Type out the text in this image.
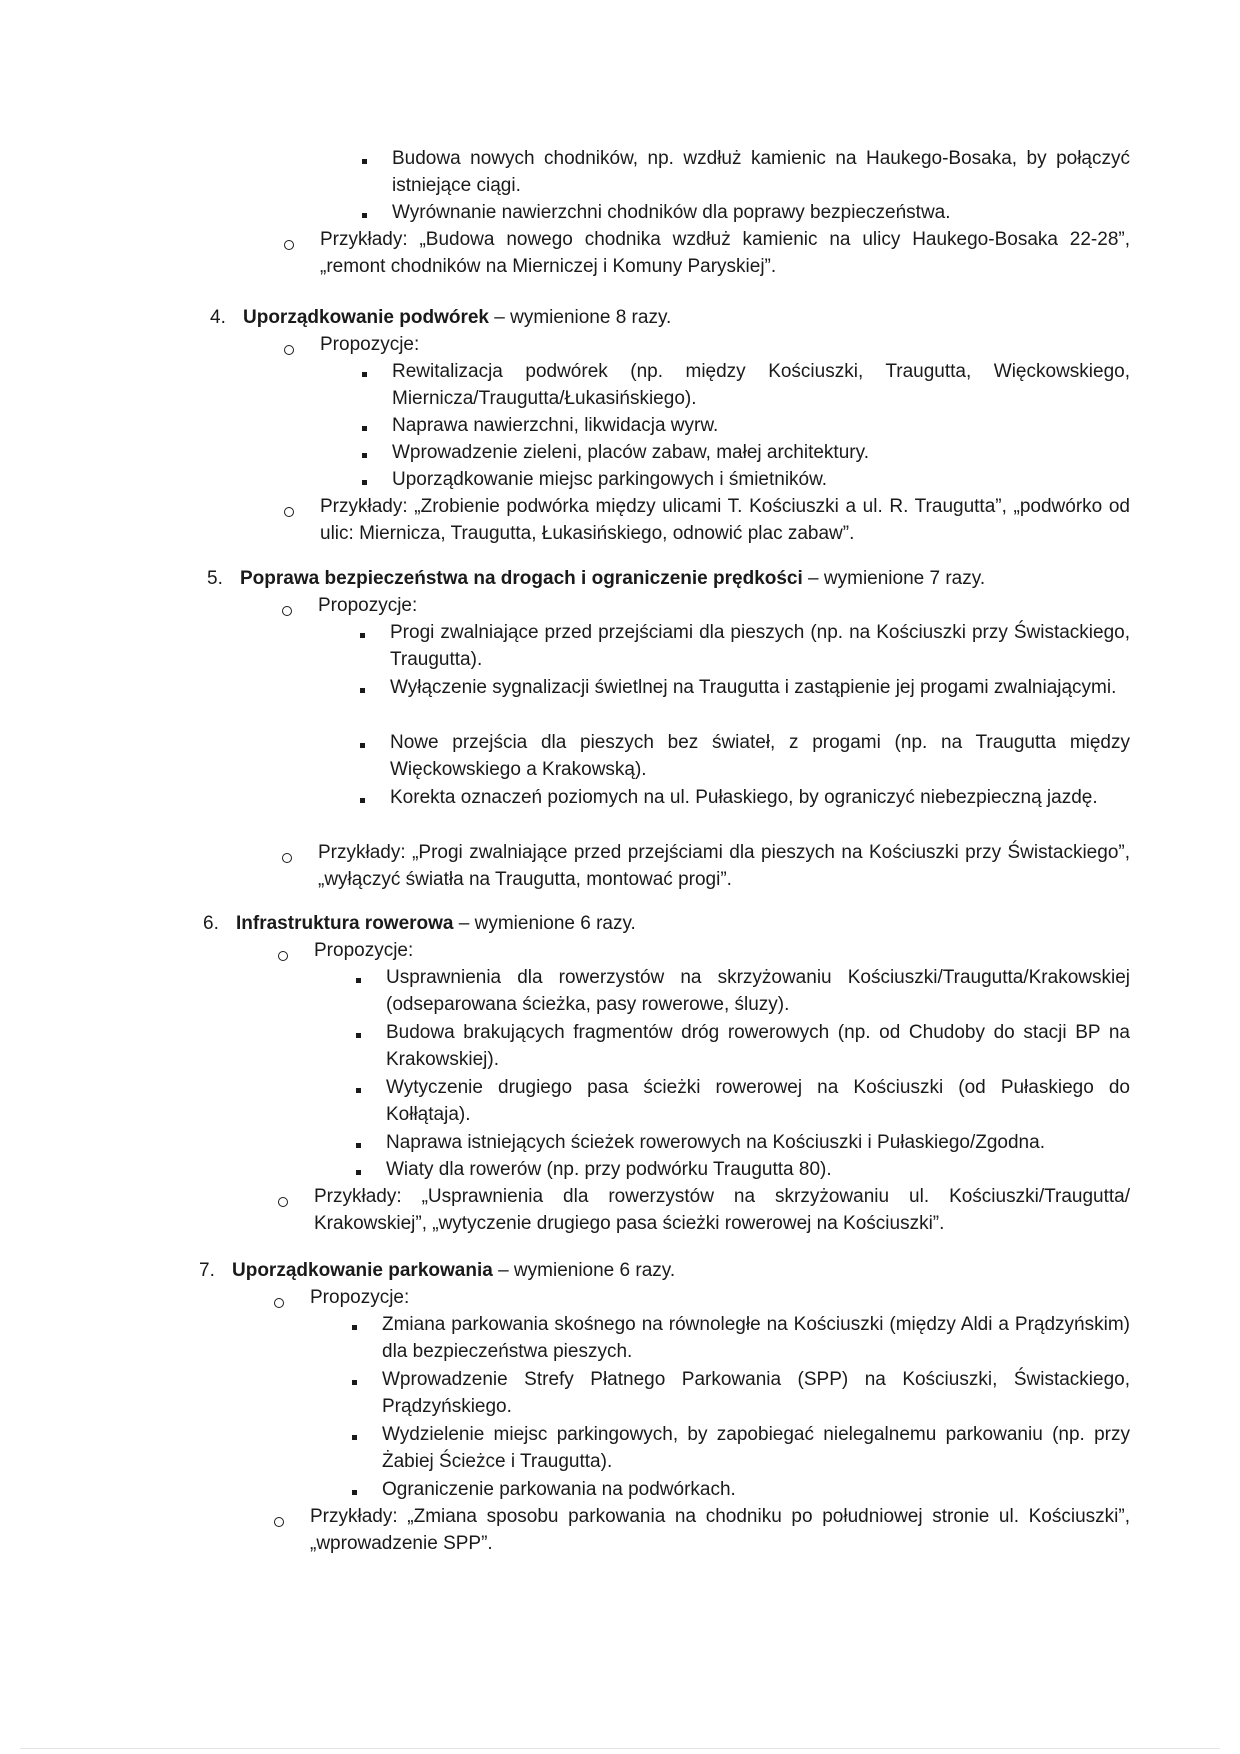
Budowa nowych chodników, np. wzdłuż kamienic na Haukego-Bosaka, by połączyć istniejące ciągi.
Wyrównanie nawierzchni chodników dla poprawy bezpieczeństwa.
Przykłady: „Budowa nowego chodnika wzdłuż kamienic na ulicy Haukego-Bosaka 22-28”, „remont chodników na Mierniczej i Komuny Paryskiej”.
4. Uporządkowanie podwórek – wymienione 8 razy.
Propozycje:
Rewitalizacja podwórek (np. między Kościuszki, Traugutta, Więckowskiego, Miernicza/Traugutta/Łukasińskiego).
Naprawa nawierzchni, likwidacja wyrw.
Wprowadzenie zieleni, placów zabaw, małej architektury.
Uporządkowanie miejsc parkingowych i śmietników.
Przykłady: „Zrobienie podwórka między ulicami T. Kościuszki a ul. R. Traugutta”, „podwórko od ulic: Miernicza, Traugutta, Łukasińskiego, odnowić plac zabaw”.
5. Poprawa bezpieczeństwa na drogach i ograniczenie prędkości – wymienione 7 razy.
Propozycje:
Progi zwalniające przed przejściami dla pieszych (np. na Kościuszki przy Świstackiego, Traugutta).
Wyłączenie sygnalizacji świetlnej na Traugutta i zastąpienie jej progami zwalniającymi.
Nowe przejścia dla pieszych bez świateł, z progami (np. na Traugutta między Więckowskiego a Krakowską).
Korekta oznaczeń poziomych na ul. Pułaskiego, by ograniczyć niebezpieczną jazdę.
Przykłady: „Progi zwalniające przed przejściami dla pieszych na Kościuszki przy Świstackiego”, „wyłączyć światła na Traugutta, montować progi”.
6. Infrastruktura rowerowa – wymienione 6 razy.
Propozycje:
Usprawnienia dla rowerzystów na skrzyżowaniu Kościuszki/Traugutta/Krakowskiej (odseparowana ścieżka, pasy rowerowe, śluzy).
Budowa brakujących fragmentów dróg rowerowych (np. od Chudoby do stacji BP na Krakowskiej).
Wytyczenie drugiego pasa ścieżki rowerowej na Kościuszki (od Pułaskiego do Kołłątaja).
Naprawa istniejących ścieżek rowerowych na Kościuszki i Pułaskiego/Zgodna.
Wiaty dla rowerów (np. przy podwórku Traugutta 80).
Przykłady: „Usprawnienia dla rowerzystów na skrzyżowaniu ul. Kościuszki/Traugutta/ Krakowskiej”, „wytyczenie drugiego pasa ścieżki rowerowej na Kościuszki”.
7. Uporządkowanie parkowania – wymienione 6 razy.
Propozycje:
Zmiana parkowania skośnego na równoległe na Kościuszki (między Aldi a Prądzyńskim) dla bezpieczeństwa pieszych.
Wprowadzenie Strefy Płatnego Parkowania (SPP) na Kościuszki, Świstackiego, Prądzyńskiego.
Wydzielenie miejsc parkingowych, by zapobiegać nielegalnemu parkowaniu (np. przy Żabiej Ścieżce i Traugutta).
Ograniczenie parkowania na podwórkach.
Przykłady: „Zmiana sposobu parkowania na chodniku po południowej stronie ul. Kościuszki”, „wprowadzenie SPP”.
